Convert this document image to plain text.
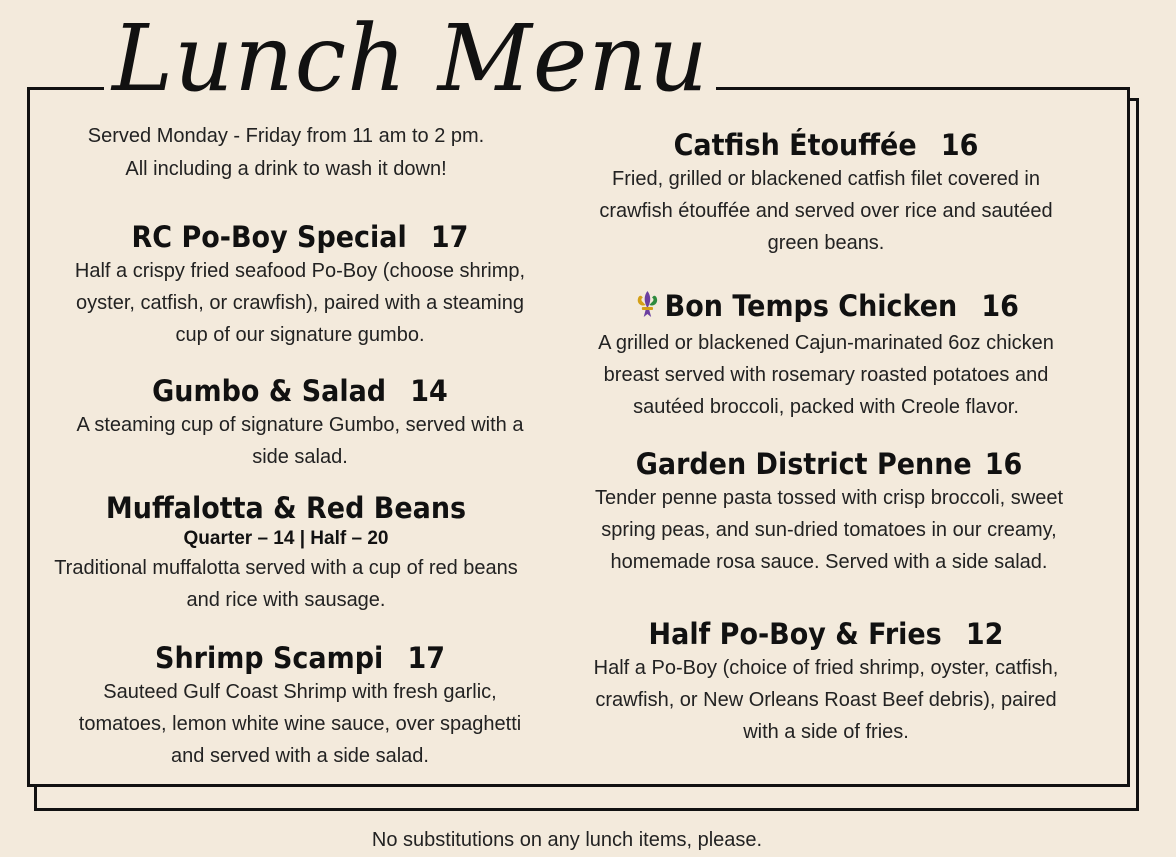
Lunch Menu
Served Monday - Friday from 11 am to 2 pm.
All including a drink to wash it down!
RC Po-Boy Special 17
Half a crispy fried seafood Po-Boy (choose shrimp,
oyster, catfish, or crawfish), paired with a steaming
cup of our signature gumbo.
Gumbo & Salad 14
A steaming cup of signature Gumbo, served with a
side salad.
Muffalotta & Red Beans
Quarter – 14 | Half – 20
Traditional muffalotta served with a cup of red beans
and rice with sausage.
Shrimp Scampi 17
Sauteed Gulf Coast Shrimp with fresh garlic,
tomatoes, lemon white wine sauce, over spaghetti
and served with a side salad.
Catfish Étouffée 16
Fried, grilled or blackened catfish filet covered in
crawfish étouffée and served over rice and sautéed
green beans.
Bon Temps Chicken 16
A grilled or blackened Cajun-marinated 6oz chicken
breast served with rosemary roasted potatoes and
sautéed broccoli, packed with Creole flavor.
Garden District Penne 16
Tender penne pasta tossed with crisp broccoli, sweet
spring peas, and sun-dried tomatoes in our creamy,
homemade rosa sauce. Served with a side salad.
Half Po-Boy & Fries 12
Half a Po-Boy (choice of fried shrimp, oyster, catfish,
crawfish, or New Orleans Roast Beef debris), paired
with a side of fries.
No substitutions on any lunch items, please.
